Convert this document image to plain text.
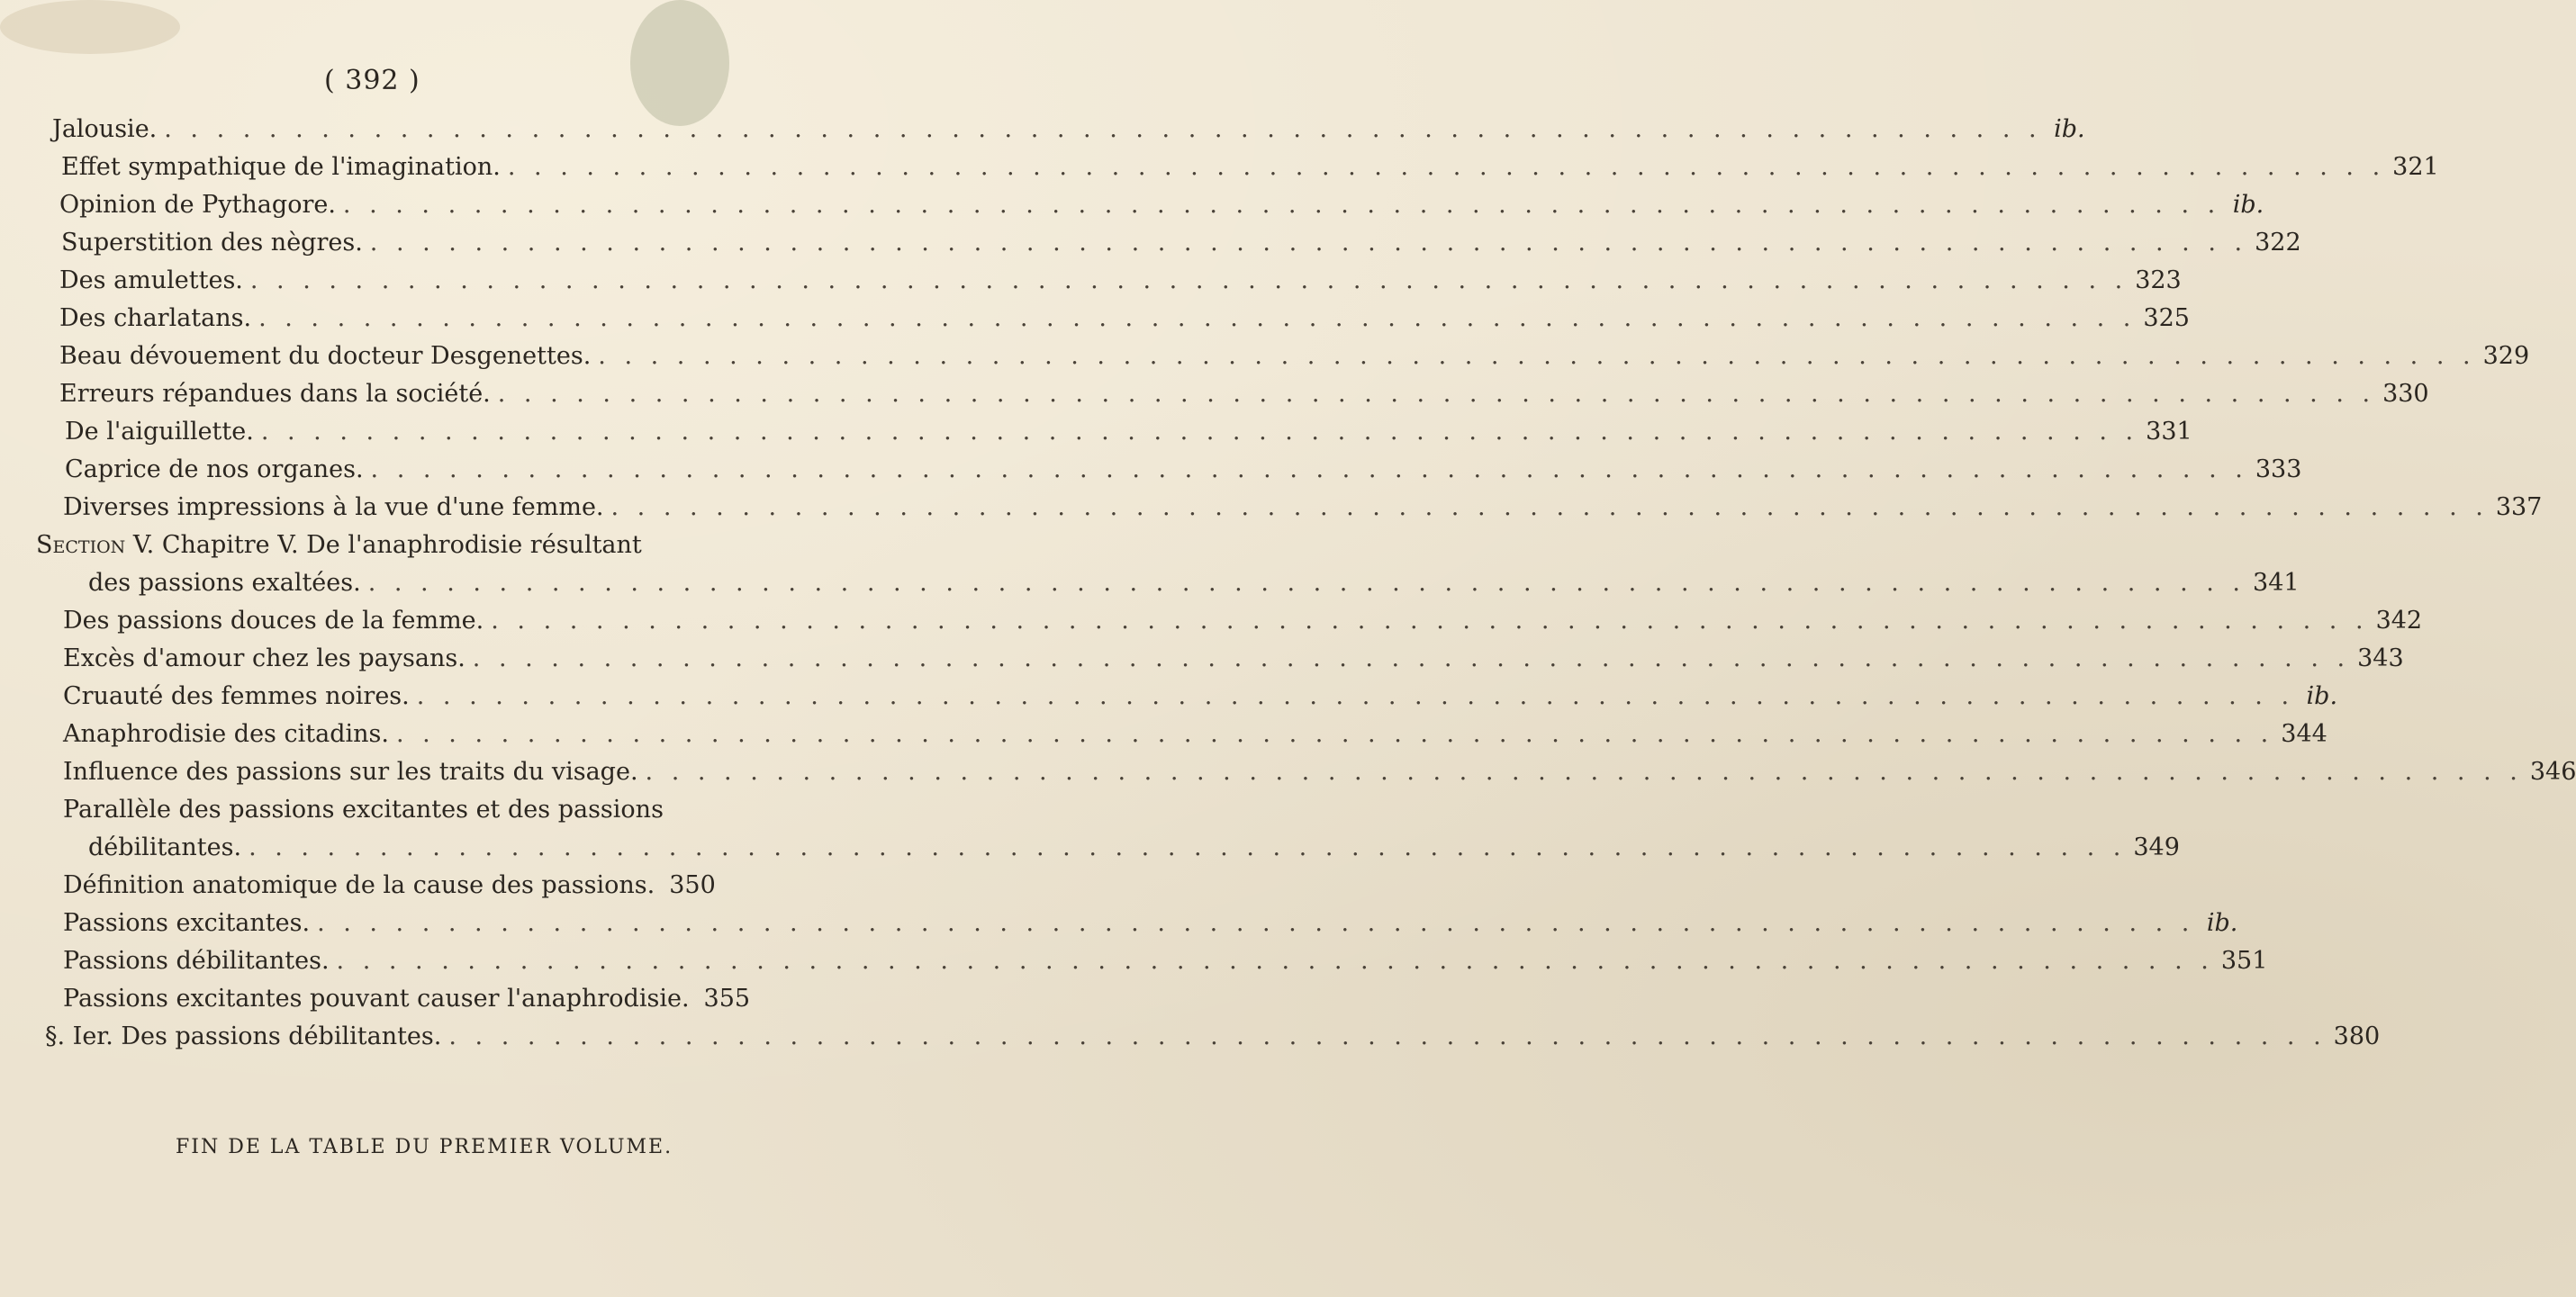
( 392 )
Jalousie. . . .	ib.
Effet sympathique de l'imagination. . . .	321
Opinion de Pythagore. . . .	ib.
Superstition des nègres. . . .	322
Des amulettes. . . .	323
Des charlatans. . . .	325
Beau dévouement du docteur Desgenettes. . . .	329
Erreurs répandues dans la société. . . .	330
De l'aiguillette. . . .	331
Caprice de nos organes. . . .	333
Diverses impressions à la vue d'une femme. . . .	337
Section V. Chapitre V. De l'anaphrodisie résultant
des passions exaltées. . . .	341
Des passions douces de la femme. . . .	342
Excès d'amour chez les paysans. . . .	343
Cruauté des femmes noires. . . .	ib.
Anaphrodisie des citadins. . . .	344
Influence des passions sur les traits du visage. . . .	346
Parallèle des passions excitantes et des passions
débilitantes. . . .	349
Définition anatomique de la cause des passions. 350
Passions excitantes. . . .	ib.
Passions débilitantes. . . .	351
Passions excitantes pouvant causer l'anaphrodisie. 355
§. Ier. Des passions débilitantes. . . .	380
FIN DE LA TABLE DU PREMIER VOLUME.
